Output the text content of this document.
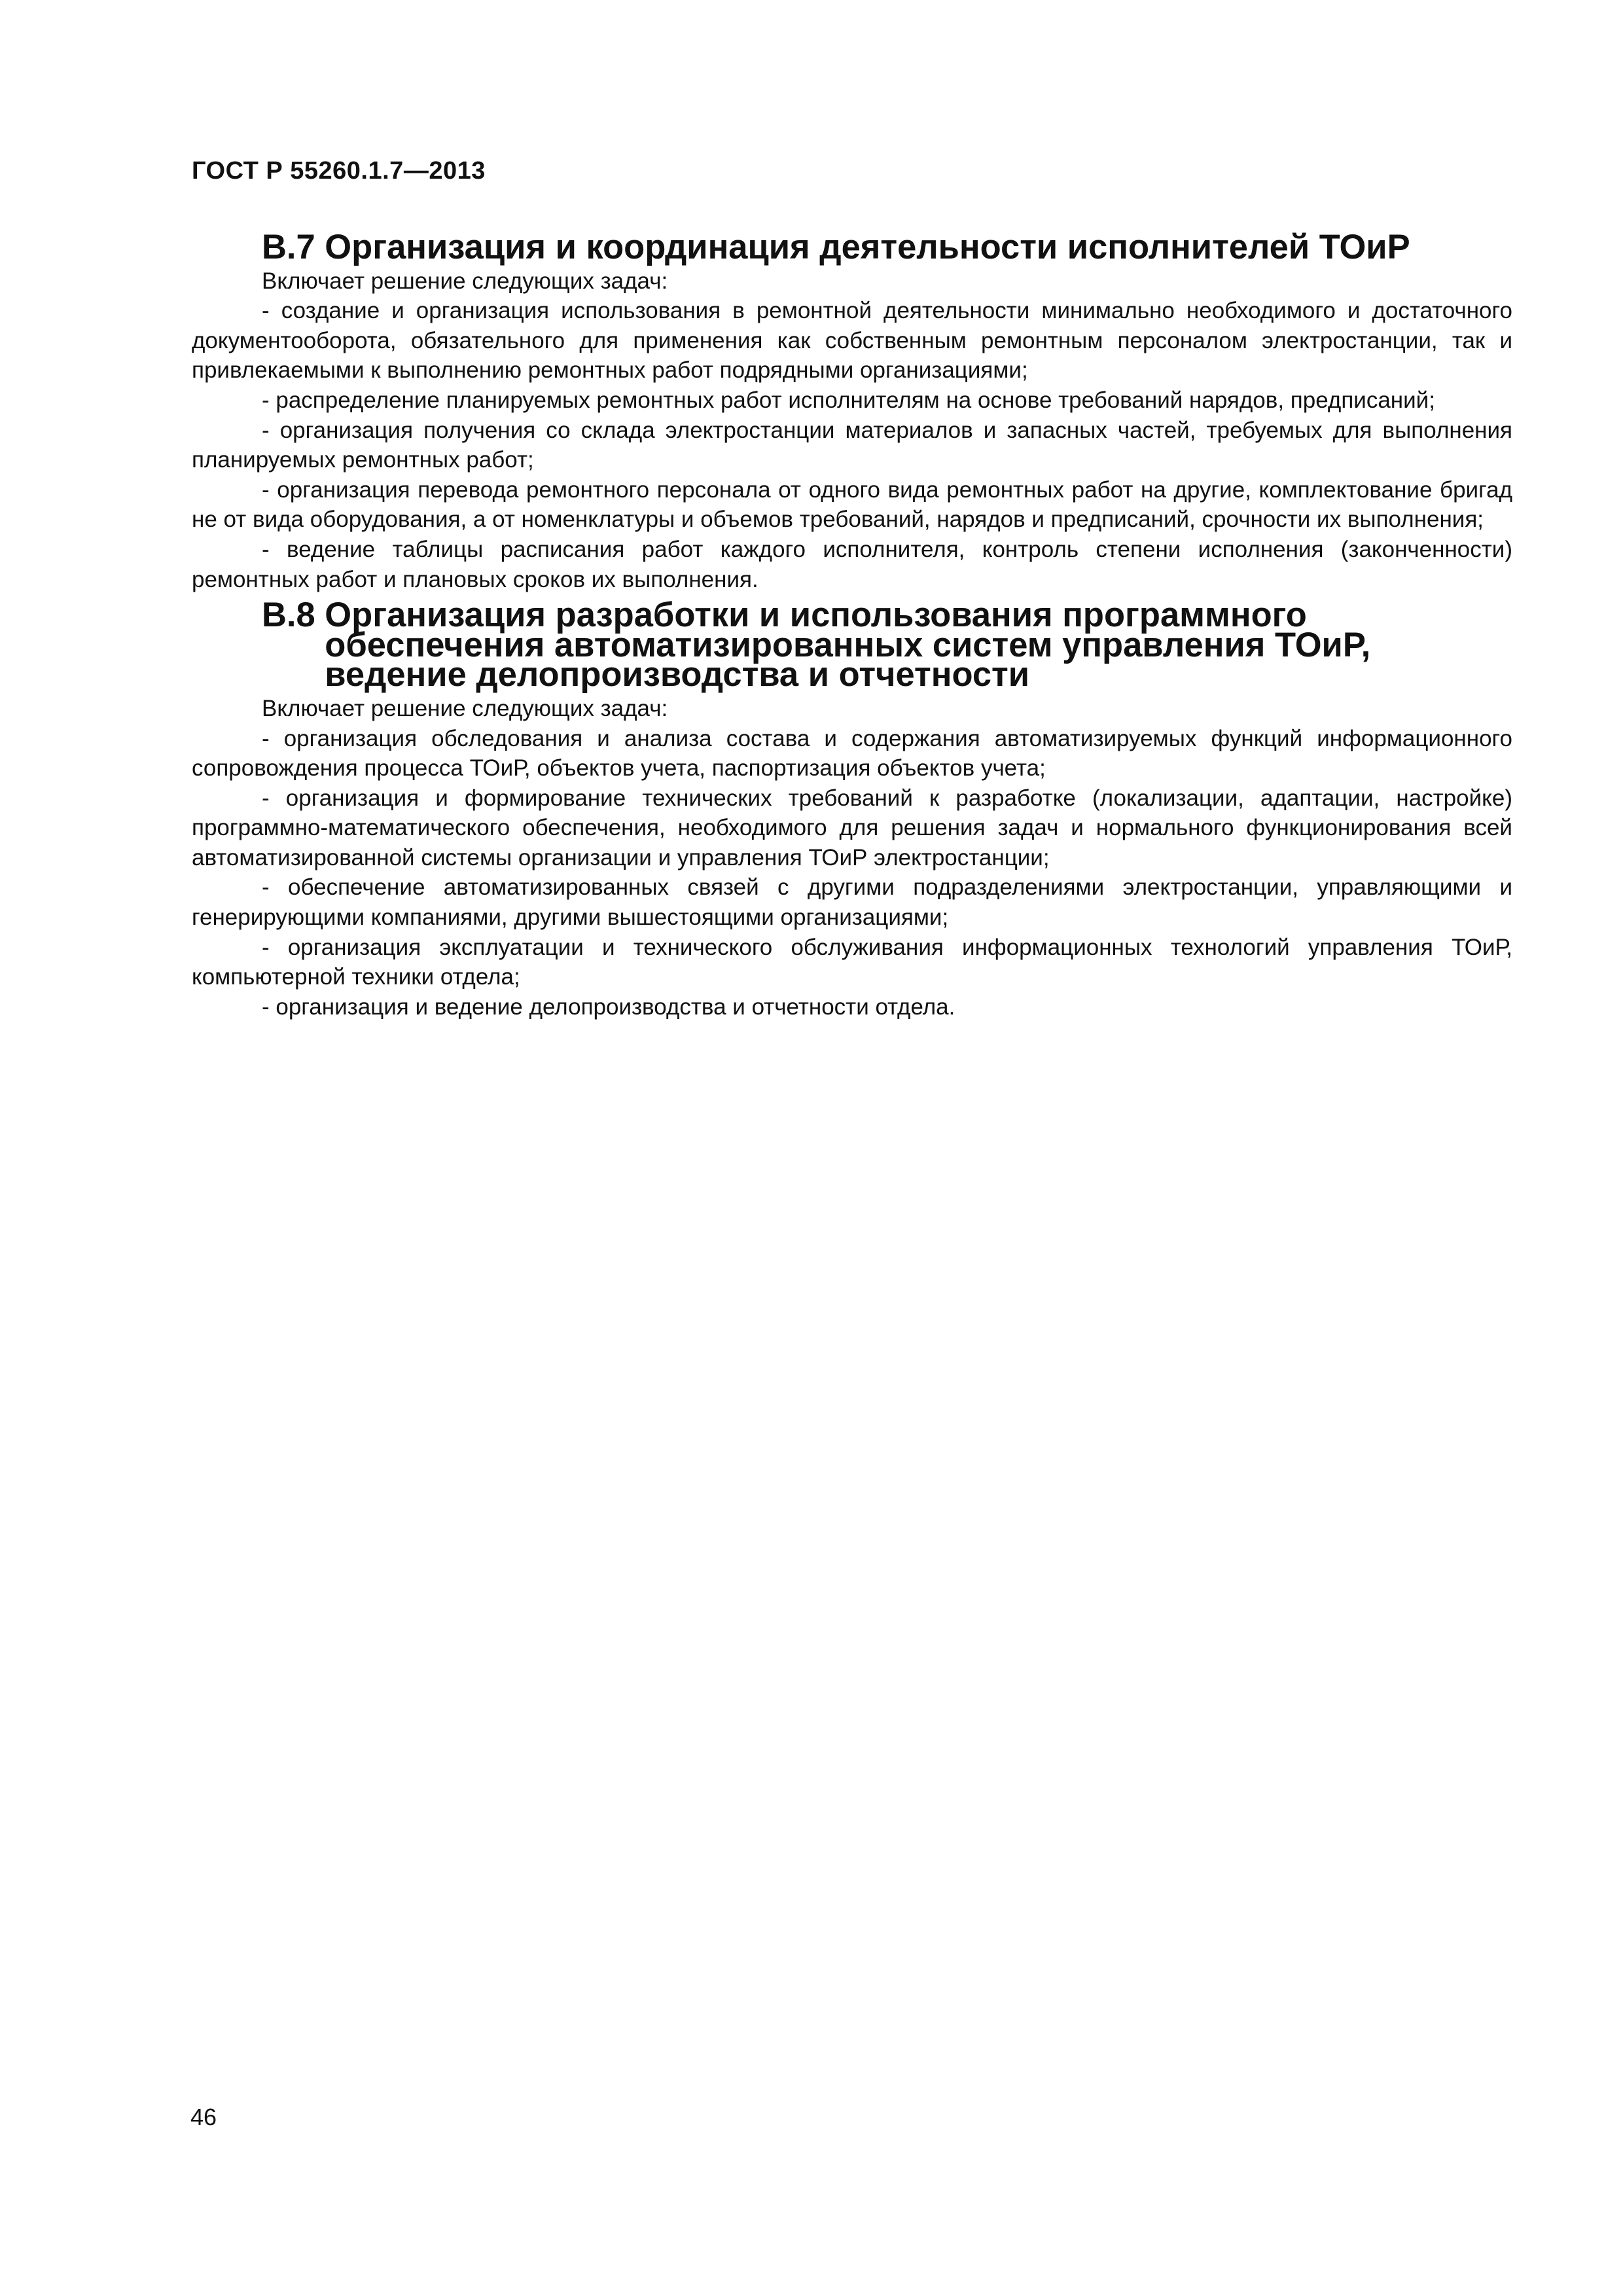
ГОСТ Р 55260.1.7—2013
В.7
Организация и координация деятельности исполнителей ТОиР

Включает решение следующих задач:

- создание и организация использования в ремонтной деятельности минимально необходимого и достаточного документооборота, обязательного для применения как собственным ремонтным персоналом электростанции, так и привлекаемыми к выполнению ремонтных работ подрядными организациями;

- распределение планируемых ремонтных работ исполнителям на основе требований нарядов, предписаний;

- организация получения со склада электростанции материалов и запасных частей, требуемых для выполнения планируемых ремонтных работ;

- организация перевода ремонтного персонала от одного вида ремонтных работ на другие, комплектование бригад не от вида оборудования, а от номенклатуры и объемов требований, нарядов и предписаний, срочности их выполнения;

- ведение таблицы расписания работ каждого исполнителя, контроль степени исполнения (законченности) ремонтных работ и плановых сроков их выполнения.

В.8
Организация разработки и использования программного обеспечения автоматизированных систем управления ТОиР, ведение делопроизводства и отчетности

Включает решение следующих задач:

- организация обследования и анализа состава и содержания автоматизируемых функций информационного сопровождения процесса ТОиР, объектов учета, паспортизация объектов учета;

- организация и формирование технических требований к разработке (локализации, адаптации, настройке) программно-математического обеспечения, необходимого для решения задач и нормального функционирования всей автоматизированной системы организации и управления ТОиР электростанции;

- обеспечение автоматизированных связей с другими подразделениями электростанции, управляющими и генерирующими компаниями, другими вышестоящими организациями;

- организация эксплуатации и технического обслуживания информационных технологий управления ТОиР, компьютерной техники отдела;

- организация и ведение делопроизводства и отчетности отдела.

46
